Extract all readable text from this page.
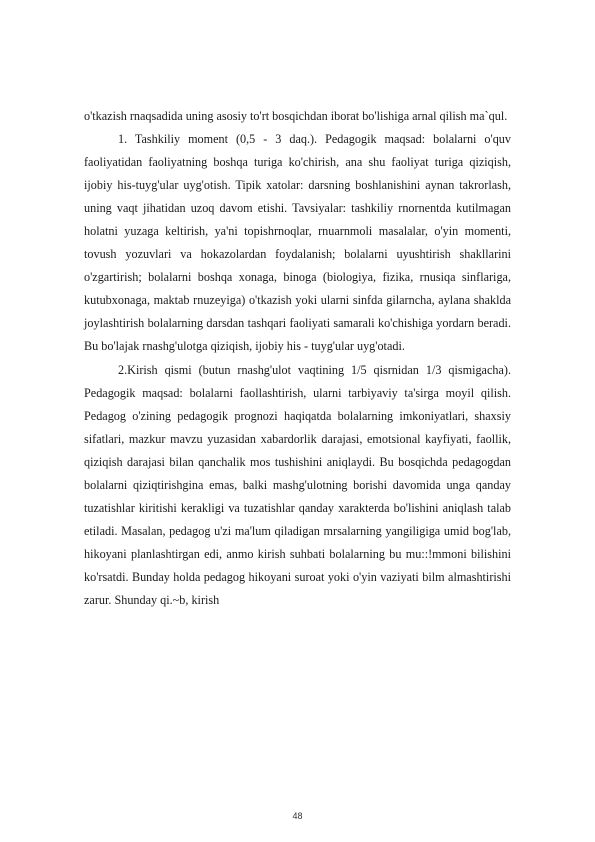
o'tkazish rnaqsadida uning asosiy to'rt bosqichdan iborat bo'lishiga arnal qilish ma`qul.

1. Tashkiliy moment (0,5 - 3 daq.). Pedagogik maqsad: bolalarni o'quv faoliyatidan faoliyatning boshqa turiga ko'chirish, ana shu faoliyat turiga qiziqish, ijobiy his-tuyg'ular uyg'otish. Tipik xatolar: darsning boshlanishini aynan takrorlash, uning vaqt jihatidan uzoq davom etishi. Tavsiyalar: tashkiliy rnornentda kutilmagan holatni yuzaga keltirish, ya'ni topishrnoqlar, rnuarnmoli masalalar, o'yin momenti, tovush yozuvlari va hokazolardan foydalanish; bolalarni uyushtirish shakllarini o'zgartirish; bolalarni boshqa xonaga, binoga (biologiya, fizika, rnusiqa sinflariga, kutubxonaga, maktab rnuzeyiga) o'tkazish yoki ularni sinfda gilarncha, aylana shaklda joylashtirish bolalarning darsdan tashqari faoliyati samarali ko'chishiga yordarn beradi. Bu bo'lajak rnashg'ulotga qiziqish, ijobiy his - tuyg'ular uyg'otadi.

2.Kirish qismi (butun rnashg'ulot vaqtining 1/5 qisrnidan 1/3 qismigacha). Pedagogik maqsad: bolalarni faollashtirish, ularni tarbiyaviy ta'sirga moyil qilish. Pedagog o'zining pedagogik prognozi haqiqatda bolalarning imkoniyatlari, shaxsiy sifatlari, mazkur mavzu yuzasidan xabardorlik darajasi, emotsional kayfiyati, faollik, qiziqish darajasi bilan qanchalik mos tushishini aniqlaydi. Bu bosqichda pedagogdan bolalarni qiziqtirishgina emas, balki mashg'ulotning borishi davomida unga qanday tuzatishlar kiritishi kerakligi va tuzatishlar qanday xarakterda bo'lishini aniqlash talab etiladi. Masalan, pedagog u'zi ma'lum qiladigan mrsalarning yangiligiga umid bog'lab, hikoyani planlashtirgan edi, anmo kirish suhbati bolalarning bu mu::!mmoni bilishini ko'rsatdi. Bunday holda pedagog hikoyani suroat yoki o'yin vaziyati bilm almashtirishi zarur. Shunday qi.~b, kirish

48
